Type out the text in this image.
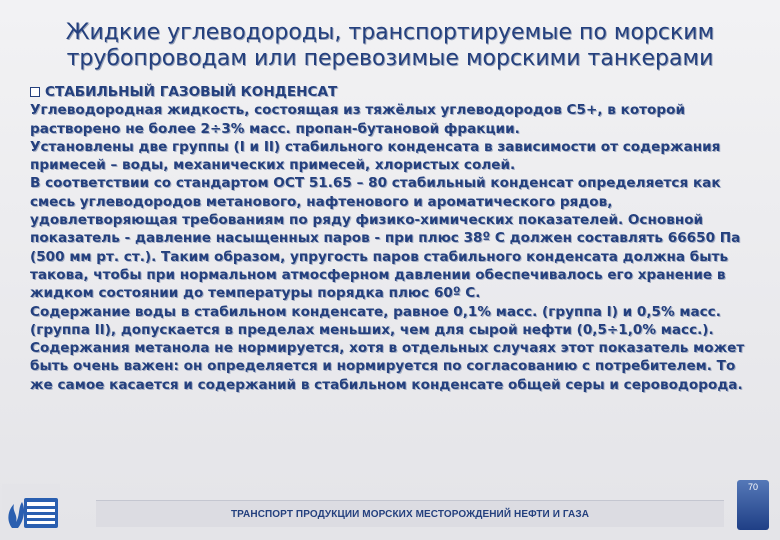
Жидкие углеводороды, транспортируемые по морским трубопроводам или перевозимые морскими танкерами
СТАБИЛЬНЫЙ ГАЗОВЫЙ КОНДЕНСАТ

Углеводородная жидкость, состоящая из тяжёлых углеводородов С5+, в которой растворено не более 2÷3% масс. пропан-бутановой фракции.

Установлены две группы (I и II) стабильного конденсата в зависимости от содержания примесей – воды, механических примесей, хлористых солей.

В соответствии со стандартом ОСТ 51.65 – 80 стабильный конденсат определяется как смесь углеводородов метанового, нафтенового и ароматического рядов, удовлетворяющая требованиям по ряду физико-химических показателей. Основной показатель - давление насыщенных паров - при плюс 38º С должен составлять 66650 Па (500 мм рт. ст.). Таким образом, упругость паров стабильного конденсата должна быть такова, чтобы при нормальном атмосферном давлении обеспечивалось его хранение в жидком состоянии до температуры порядка плюс 60º С.

Содержание воды в стабильном конденсате, равное 0,1% масс. (группа I) и 0,5% масс. (группа II), допускается в пределах меньших, чем для сырой нефти (0,5÷1,0% масс.).

Содержания метанола не нормируется, хотя в отдельных случаях этот показатель может быть очень важен: он определяется и нормируется по согласованию с потребителем. То же самое касается и содержаний в стабильном конденсате общей серы и сероводорода.

ТРАНСПОРТ ПРОДУКЦИИ МОРСКИХ МЕСТОРОЖДЕНИЙ НЕФТИ И ГАЗА
70
